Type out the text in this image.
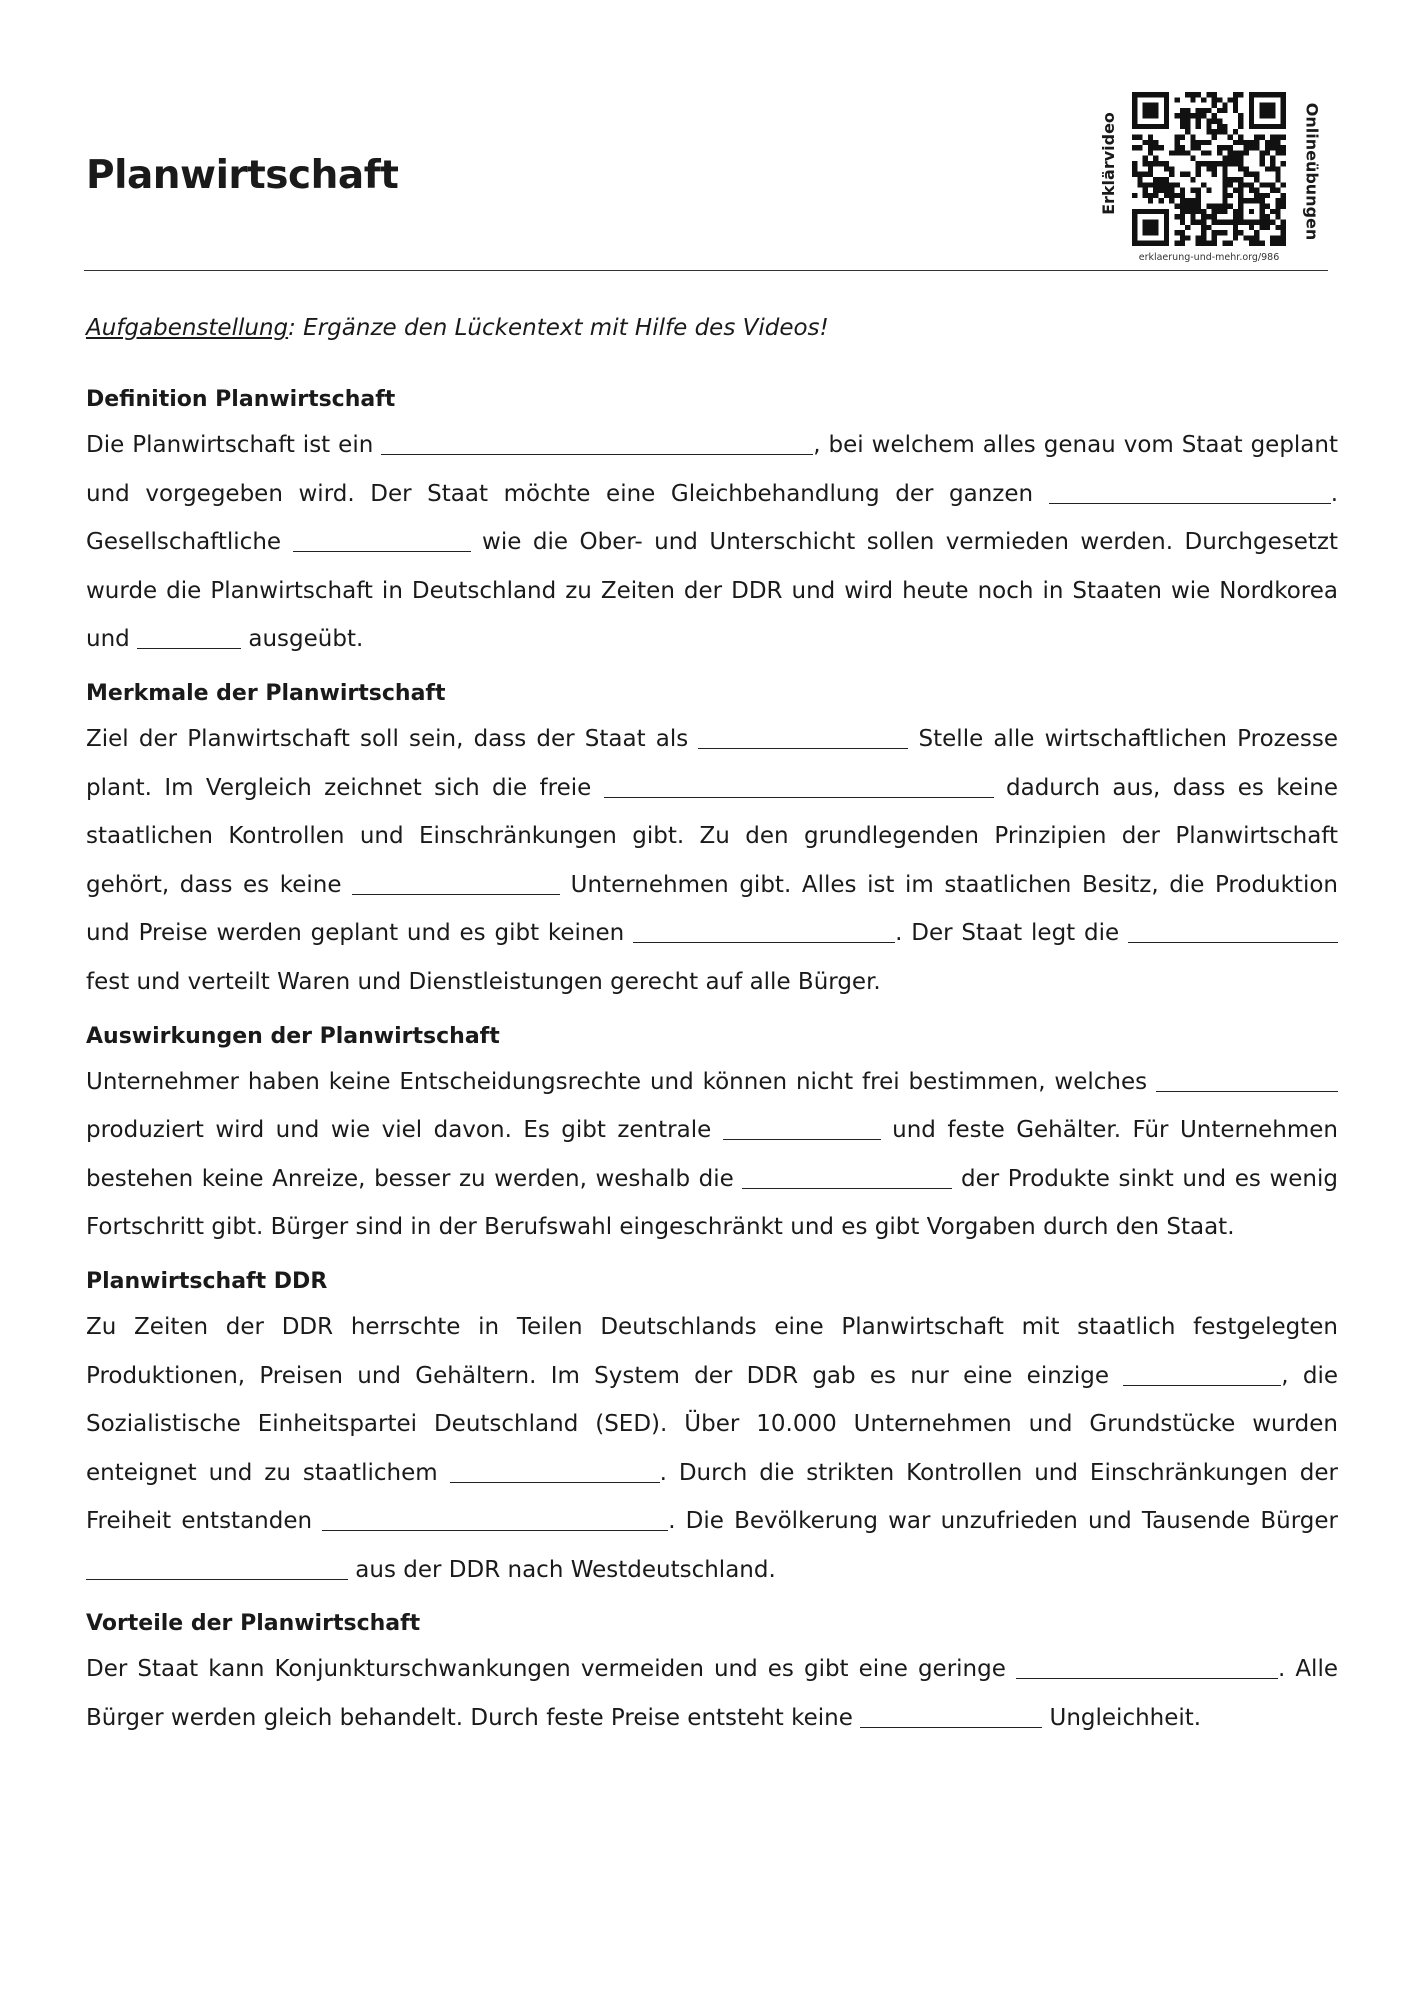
Planwirtschaft	Erklärvideo	Onlineübungen
erklaerung-und-mehr.org/986

Aufgabenstellung: Ergänze den Lückentext mit Hilfe des Videos!

Definition Planwirtschaft

Die Planwirtschaft ist ein	, bei welchem alles genau vom Staat geplant und vorgegeben wird. Der Staat möchte eine Gleichbehandlung der ganzen	. Gesellschaftliche	wie die Ober- und Unterschicht sollen vermieden werden. Durchgesetzt wurde die Planwirtschaft in Deutschland zu Zeiten der DDR und wird heute noch in Staaten wie Nordkorea und	ausgeübt.

Merkmale der Planwirtschaft

Ziel der Planwirtschaft soll sein, dass der Staat als	Stelle alle wirtschaftlichen Prozesse plant. Im Vergleich zeichnet sich die freie	dadurch aus, dass es keine staatlichen Kontrollen und Einschränkungen gibt. Zu den grundlegenden Prinzipien der Planwirtschaft gehört, dass es keine	Unternehmen gibt. Alles ist im staatlichen Besitz, die Produktion und Preise werden geplant und es gibt keinen	. Der Staat legt die  fest und verteilt Waren und Dienstleistungen gerecht auf alle Bürger.

Auswirkungen der Planwirtschaft

Unternehmer haben keine Entscheidungsrechte und können nicht frei bestimmen, welches  produziert wird und wie viel davon. Es gibt zentrale	und feste Gehälter. Für Unternehmen bestehen keine Anreize, besser zu werden, weshalb die	der Produkte sinkt und es wenig Fortschritt gibt. Bürger sind in der Berufswahl eingeschränkt und es gibt Vorgaben durch den Staat.

Planwirtschaft DDR

Zu Zeiten der DDR herrschte in Teilen Deutschlands eine Planwirtschaft mit staatlich festgelegten Produktionen, Preisen und Gehältern. Im System der DDR gab es nur eine einzige	, die Sozialistische Einheitspartei Deutschland (SED). Über 10.000 Unternehmen und Grundstücke wurden enteignet und zu staatlichem	. Durch die strikten Kontrollen und Einschränkungen der Freiheit entstanden	. Die Bevölkerung war unzufrieden und Tausende Bürger  aus der DDR nach Westdeutschland.

Vorteile der Planwirtschaft

Der Staat kann Konjunkturschwankungen vermeiden und es gibt eine geringe	. Alle Bürger werden gleich behandelt. Durch feste Preise entsteht keine	Ungleichheit.
